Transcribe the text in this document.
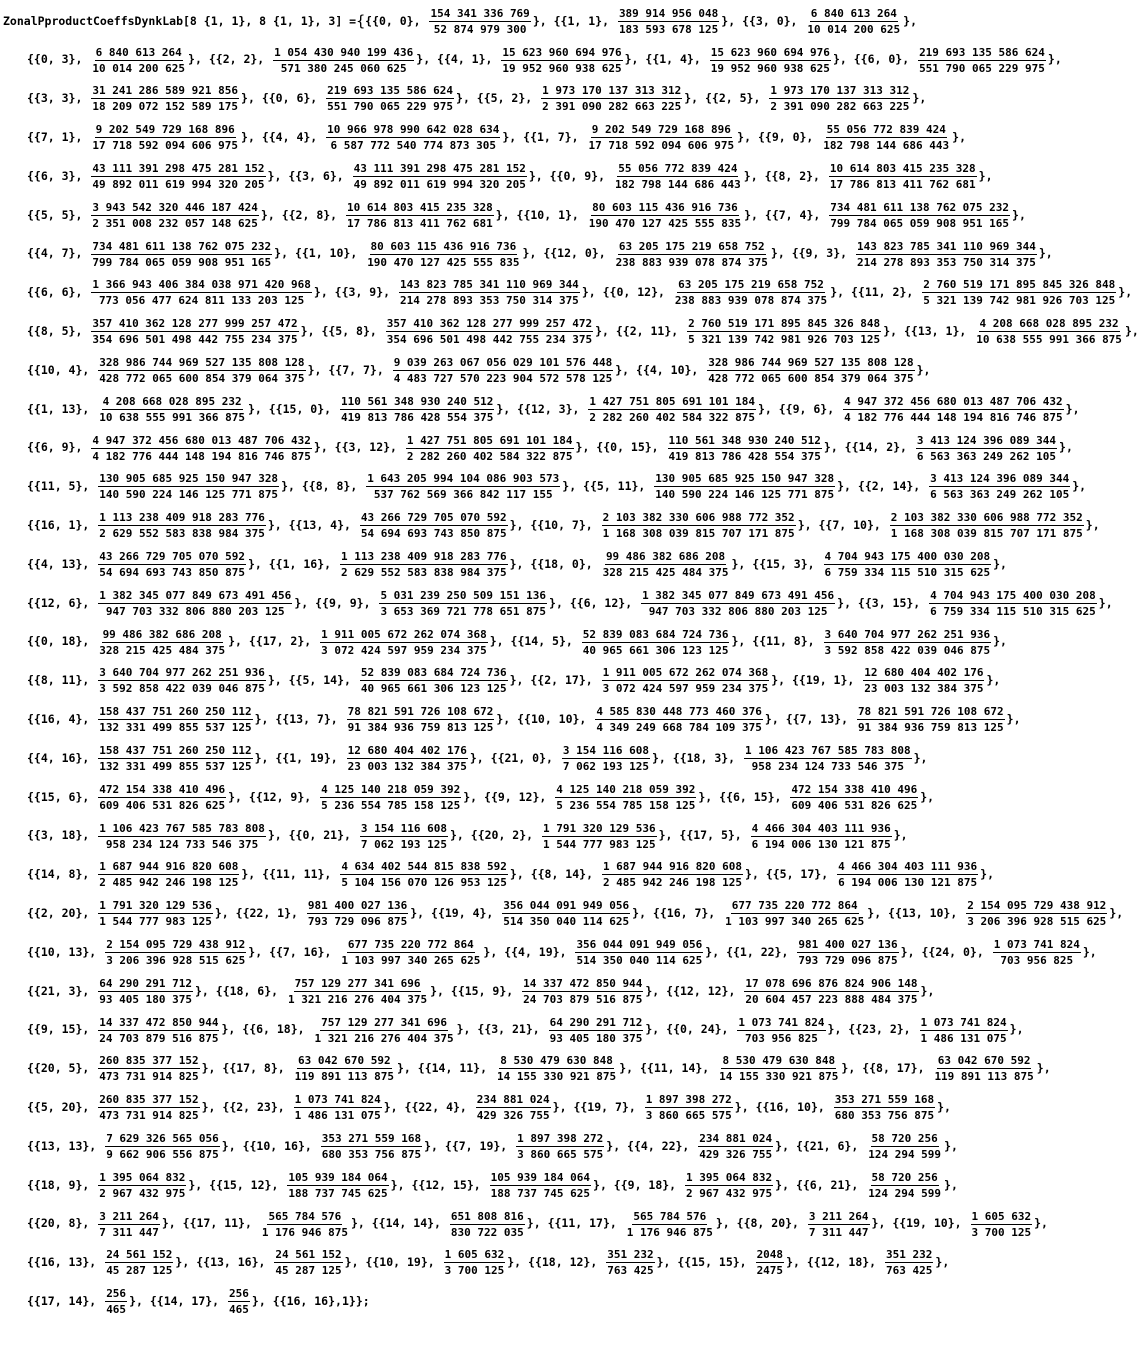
ZonalPproductCoeffsDynkLab[8 {1, 1}, 8 {1, 1}, 3] = { {{0, 0},
$\frac{154 341 336 769}{52 874 979 300}$ } , {{1, 1},
$\frac{389 914 956 048}{183 593 678 125}$ } , {{3, 0},
$\frac{6 840 613 264}{10 014 200 625}$ } ,
{{0, 3},
$\frac{6 840 613 264}{10 014 200 625}$ } , {{2, 2},
$\frac{1 054 430 940 199 436}{571 380 245 060 625}$ } , {{4, 1},
$\frac{15 623 960 694 976}{19 952 960 938 625}$ } , {{1, 4},
$\frac{15 623 960 694 976}{19 952 960 938 625}$ } , {{6, 0},
$\frac{219 693 135 586 624}{551 790 065 229 975}$ } ,
{{3, 3},
$\frac{31 241 286 589 921 856}{18 209 072 152 589 175}$ } , {{0, 6},
$\frac{219 693 135 586 624}{551 790 065 229 975}$ } , {{5, 2},
$\frac{1 973 170 137 313 312}{2 391 090 282 663 225}$ } , {{2, 5},
$\frac{1 973 170 137 313 312}{2 391 090 282 663 225}$ } ,
{{7, 1},
$\frac{9 202 549 729 168 896}{17 718 592 094 606 975}$ } , {{4, 4},
$\frac{10 966 978 990 642 028 634}{6 587 772 540 774 873 305}$ } , {{1, 7},
$\frac{9 202 549 729 168 896}{17 718 592 094 606 975}$ } , {{9, 0},
$\frac{55 056 772 839 424}{182 798 144 686 443}$ } ,
{{6, 3},
$\frac{43 111 391 298 475 281 152}{49 892 011 619 994 320 205}$ } , {{3, 6},
$\frac{43 111 391 298 475 281 152}{49 892 011 619 994 320 205}$ } , {{0, 9},
$\frac{55 056 772 839 424}{182 798 144 686 443}$ } , {{8, 2},
$\frac{10 614 803 415 235 328}{17 786 813 411 762 681}$ } ,
{{5, 5},
$\frac{3 943 542 320 446 187 424}{2 351 008 232 057 148 625}$ } , {{2, 8},
$\frac{10 614 803 415 235 328}{17 786 813 411 762 681}$ } , {{10, 1},
$\frac{80 603 115 436 916 736}{190 470 127 425 555 835}$ } , {{7, 4},
$\frac{734 481 611 138 762 075 232}{799 784 065 059 908 951 165}$ } ,
{{4, 7},
$\frac{734 481 611 138 762 075 232}{799 784 065 059 908 951 165}$ } , {{1, 10},
$\frac{80 603 115 436 916 736}{190 470 127 425 555 835}$ } , {{12, 0},
$\frac{63 205 175 219 658 752}{238 883 939 078 874 375}$ } , {{9, 3},
$\frac{143 823 785 341 110 969 344}{214 278 893 353 750 314 375}$ } ,
{{6, 6},
$\frac{1 366 943 406 384 038 971 420 968}{773 056 477 624 811 133 203 125}$ } , {{3, 9},
$\frac{143 823 785 341 110 969 344}{214 278 893 353 750 314 375}$ } , {{0, 12},
$\frac{63 205 175 219 658 752}{238 883 939 078 874 375}$ } , {{11, 2},
$\frac{2 760 519 171 895 845 326 848}{5 321 139 742 981 926 703 125}$ } ,
{{8, 5},
$\frac{357 410 362 128 277 999 257 472}{354 696 501 498 442 755 234 375}$ } , {{5, 8},
$\frac{357 410 362 128 277 999 257 472}{354 696 501 498 442 755 234 375}$ } , {{2, 11},
$\frac{2 760 519 171 895 845 326 848}{5 321 139 742 981 926 703 125}$ } , {{13, 1},
$\frac{4 208 668 028 895 232}{10 638 555 991 366 875}$ } ,
{{10, 4},
$\frac{328 986 744 969 527 135 808 128}{428 772 065 600 854 379 064 375}$ } , {{7, 7},
$\frac{9 039 263 067 056 029 101 576 448}{4 483 727 570 223 904 572 578 125}$ } , {{4, 10},
$\frac{328 986 744 969 527 135 808 128}{428 772 065 600 854 379 064 375}$ } ,
{{1, 13},
$\frac{4 208 668 028 895 232}{10 638 555 991 366 875}$ } , {{15, 0},
$\frac{110 561 348 930 240 512}{419 813 786 428 554 375}$ } , {{12, 3},
$\frac{1 427 751 805 691 101 184}{2 282 260 402 584 322 875}$ } , {{9, 6},
$\frac{4 947 372 456 680 013 487 706 432}{4 182 776 444 148 194 816 746 875}$ } ,
{{6, 9},
$\frac{4 947 372 456 680 013 487 706 432}{4 182 776 444 148 194 816 746 875}$ } , {{3, 12},
$\frac{1 427 751 805 691 101 184}{2 282 260 402 584 322 875}$ } , {{0, 15},
$\frac{110 561 348 930 240 512}{419 813 786 428 554 375}$ } , {{14, 2},
$\frac{3 413 124 396 089 344}{6 563 363 249 262 105}$ } ,
{{11, 5},
$\frac{130 905 685 925 150 947 328}{140 590 224 146 125 771 875}$ } , {{8, 8},
$\frac{1 643 205 994 104 086 903 573}{537 762 569 366 842 117 155}$ } , {{5, 11},
$\frac{130 905 685 925 150 947 328}{140 590 224 146 125 771 875}$ } , {{2, 14},
$\frac{3 413 124 396 089 344}{6 563 363 249 262 105}$ } ,
{{16, 1},
$\frac{1 113 238 409 918 283 776}{2 629 552 583 838 984 375}$ } , {{13, 4},
$\frac{43 266 729 705 070 592}{54 694 693 743 850 875}$ } , {{10, 7},
$\frac{2 103 382 330 606 988 772 352}{1 168 308 039 815 707 171 875}$ } , {{7, 10},
$\frac{2 103 382 330 606 988 772 352}{1 168 308 039 815 707 171 875}$ } ,
{{4, 13},
$\frac{43 266 729 705 070 592}{54 694 693 743 850 875}$ } , {{1, 16},
$\frac{1 113 238 409 918 283 776}{2 629 552 583 838 984 375}$ } , {{18, 0},
$\frac{99 486 382 686 208}{328 215 425 484 375}$ } , {{15, 3},
$\frac{4 704 943 175 400 030 208}{6 759 334 115 510 315 625}$ } ,
{{12, 6},
$\frac{1 382 345 077 849 673 491 456}{947 703 332 806 880 203 125}$ } , {{9, 9},
$\frac{5 031 239 250 509 151 136}{3 653 369 721 778 651 875}$ } , {{6, 12},
$\frac{1 382 345 077 849 673 491 456}{947 703 332 806 880 203 125}$ } , {{3, 15},
$\frac{4 704 943 175 400 030 208}{6 759 334 115 510 315 625}$ } ,
{{0, 18},
$\frac{99 486 382 686 208}{328 215 425 484 375}$ } , {{17, 2},
$\frac{1 911 005 672 262 074 368}{3 072 424 597 959 234 375}$ } , {{14, 5},
$\frac{52 839 083 684 724 736}{40 965 661 306 123 125}$ } , {{11, 8},
$\frac{3 640 704 977 262 251 936}{3 592 858 422 039 046 875}$ } ,
{{8, 11},
$\frac{3 640 704 977 262 251 936}{3 592 858 422 039 046 875}$ } , {{5, 14},
$\frac{52 839 083 684 724 736}{40 965 661 306 123 125}$ } , {{2, 17},
$\frac{1 911 005 672 262 074 368}{3 072 424 597 959 234 375}$ } , {{19, 1},
$\frac{12 680 404 402 176}{23 003 132 384 375}$ } ,
{{16, 4},
$\frac{158 437 751 260 250 112}{132 331 499 855 537 125}$ } , {{13, 7},
$\frac{78 821 591 726 108 672}{91 384 936 759 813 125}$ } , {{10, 10},
$\frac{4 585 830 448 773 460 376}{4 349 249 668 784 109 375}$ } , {{7, 13},
$\frac{78 821 591 726 108 672}{91 384 936 759 813 125}$ } ,
{{4, 16},
$\frac{158 437 751 260 250 112}{132 331 499 855 537 125}$ } , {{1, 19},
$\frac{12 680 404 402 176}{23 003 132 384 375}$ } , {{21, 0},
$\frac{3 154 116 608}{7 062 193 125}$ } , {{18, 3},
$\frac{1 106 423 767 585 783 808}{958 234 124 733 546 375}$ } ,
{{15, 6},
$\frac{472 154 338 410 496}{609 406 531 826 625}$ } , {{12, 9},
$\frac{4 125 140 218 059 392}{5 236 554 785 158 125}$ } , {{9, 12},
$\frac{4 125 140 218 059 392}{5 236 554 785 158 125}$ } , {{6, 15},
$\frac{472 154 338 410 496}{609 406 531 826 625}$ } ,
{{3, 18},
$\frac{1 106 423 767 585 783 808}{958 234 124 733 546 375}$ } , {{0, 21},
$\frac{3 154 116 608}{7 062 193 125}$ } , {{20, 2},
$\frac{1 791 320 129 536}{1 544 777 983 125}$ } , {{17, 5},
$\frac{4 466 304 403 111 936}{6 194 006 130 121 875}$ } ,
{{14, 8},
$\frac{1 687 944 916 820 608}{2 485 942 246 198 125}$ } , {{11, 11},
$\frac{4 634 402 544 815 838 592}{5 104 156 070 126 953 125}$ } , {{8, 14},
$\frac{1 687 944 916 820 608}{2 485 942 246 198 125}$ } , {{5, 17},
$\frac{4 466 304 403 111 936}{6 194 006 130 121 875}$ } ,
{{2, 20},
$\frac{1 791 320 129 536}{1 544 777 983 125}$ } , {{22, 1},
$\frac{981 400 027 136}{793 729 096 875}$ } , {{19, 4},
$\frac{356 044 091 949 056}{514 350 040 114 625}$ } , {{16, 7},
$\frac{677 735 220 772 864}{1 103 997 340 265 625}$ } , {{13, 10},
$\frac{2 154 095 729 438 912}{3 206 396 928 515 625}$ } ,
{{10, 13},
$\frac{2 154 095 729 438 912}{3 206 396 928 515 625}$ } , {{7, 16},
$\frac{677 735 220 772 864}{1 103 997 340 265 625}$ } , {{4, 19},
$\frac{356 044 091 949 056}{514 350 040 114 625}$ } , {{1, 22},
$\frac{981 400 027 136}{793 729 096 875}$ } , {{24, 0},
$\frac{1 073 741 824}{703 956 825}$ } ,
{{21, 3},
$\frac{64 290 291 712}{93 405 180 375}$ } , {{18, 6},
$\frac{757 129 277 341 696}{1 321 216 276 404 375}$ } , {{15, 9},
$\frac{14 337 472 850 944}{24 703 879 516 875}$ } , {{12, 12},
$\frac{17 078 696 876 824 906 148}{20 604 457 223 888 484 375}$ } ,
{{9, 15},
$\frac{14 337 472 850 944}{24 703 879 516 875}$ } , {{6, 18},
$\frac{757 129 277 341 696}{1 321 216 276 404 375}$ } , {{3, 21},
$\frac{64 290 291 712}{93 405 180 375}$ } , {{0, 24},
$\frac{1 073 741 824}{703 956 825}$ } , {{23, 2},
$\frac{1 073 741 824}{1 486 131 075}$ } ,
{{20, 5},
$\frac{260 835 377 152}{473 731 914 825}$ } , {{17, 8},
$\frac{63 042 670 592}{119 891 113 875}$ } , {{14, 11},
$\frac{8 530 479 630 848}{14 155 330 921 875}$ } , {{11, 14},
$\frac{8 530 479 630 848}{14 155 330 921 875}$ } , {{8, 17},
$\frac{63 042 670 592}{119 891 113 875}$ } ,
{{5, 20},
$\frac{260 835 377 152}{473 731 914 825}$ } , {{2, 23},
$\frac{1 073 741 824}{1 486 131 075}$ } , {{22, 4},
$\frac{234 881 024}{429 326 755}$ } , {{19, 7},
$\frac{1 897 398 272}{3 860 665 575}$ } , {{16, 10},
$\frac{353 271 559 168}{680 353 756 875}$ } ,
{{13, 13},
$\frac{7 629 326 565 056}{9 662 906 556 875}$ } , {{10, 16},
$\frac{353 271 559 168}{680 353 756 875}$ } , {{7, 19},
$\frac{1 897 398 272}{3 860 665 575}$ } , {{4, 22},
$\frac{234 881 024}{429 326 755}$ } , {{21, 6},
$\frac{58 720 256}{124 294 599}$ } ,
{{18, 9},
$\frac{1 395 064 832}{2 967 432 975}$ } , {{15, 12},
$\frac{105 939 184 064}{188 737 745 625}$ } , {{12, 15},
$\frac{105 939 184 064}{188 737 745 625}$ } , {{9, 18},
$\frac{1 395 064 832}{2 967 432 975}$ } , {{6, 21},
$\frac{58 720 256}{124 294 599}$ } ,
{{20, 8},
$\frac{3 211 264}{7 311 447}$ } , {{17, 11},
$\frac{565 784 576}{1 176 946 875}$ } , {{14, 14},
$\frac{651 808 816}{830 722 035}$ } , {{11, 17},
$\frac{565 784 576}{1 176 946 875}$ } , {{8, 20},
$\frac{3 211 264}{7 311 447}$ } , {{19, 10},
$\frac{1 605 632}{3 700 125}$ } ,
{{16, 13},
$\frac{24 561 152}{45 287 125}$ } , {{13, 16},
$\frac{24 561 152}{45 287 125}$ } , {{10, 19},
$\frac{1 605 632}{3 700 125}$ } , {{18, 12},
$\frac{351 232}{763 425}$ } , {{15, 15},
$\frac{2048}{2475}$ } , {{12, 18},
$\frac{351 232}{763 425}$ } ,
{{17, 14},
$\frac{256}{465}$ } , {{14, 17},
$\frac{256}{465}$ } , {{16, 16}, 1} };
